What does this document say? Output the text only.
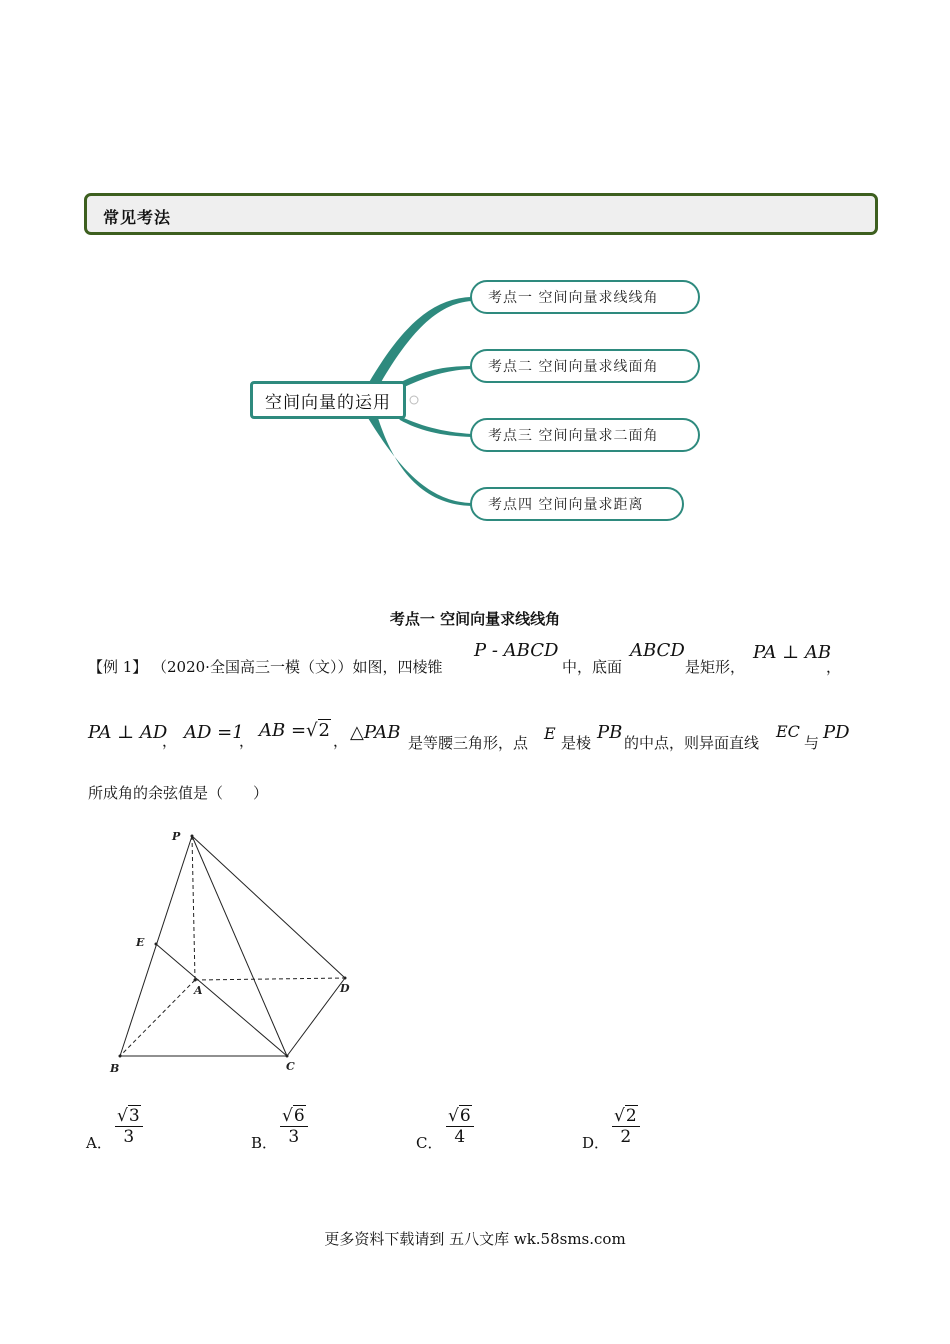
常见考法
空间向量的运用
考点一 空间向量求线线角
考点二 空间向量求线面角
考点三 空间向量求二面角
考点四 空间向量求距离
考点一 空间向量求线线角
【例 1】 （2020·全国高三一模（文））如图，四棱锥
P - ABCD
中，底面
ABCD
是矩形，
PA ⊥ AB
，
PA ⊥ AD
， AD =1
， AB =√2 ， △PAB 是等腰三角形，点 E 是棱 PB 的中点，则异面直线
EC
与 PD
所成角的余弦值是（　　）
P
E
A	D
B	C
A． $\frac{√3}{3}$	B． $\frac{√6}{3}$	C． $\frac{√6}{4}$	D． $\frac{√2}{2}$
更多资料下载请到 五八文库 wk.58sms.com
